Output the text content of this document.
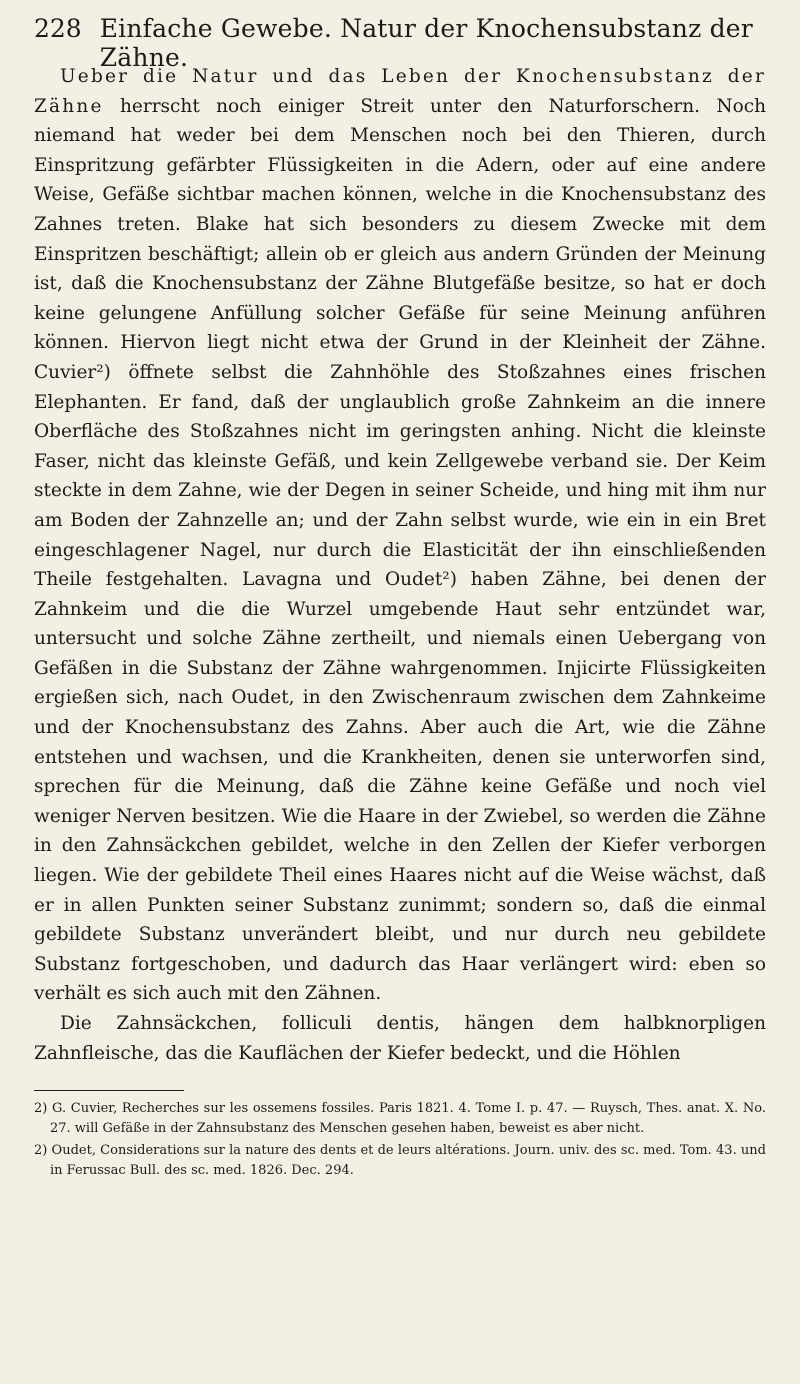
228 Einfache Gewebe. Natur der Knochensubstanz der Zähne.

Ueber die Natur und das Leben der Knochensubstanz der Zähne herrscht noch einiger Streit unter den Naturforschern. Noch niemand hat weder bei dem Menschen noch bei den Thieren, durch Einspritzung gefärbter Flüssigkeiten in die Adern, oder auf eine andere Weise, Gefäße sichtbar machen können, welche in die Knochensubstanz des Zahnes treten. Blake hat sich besonders zu diesem Zwecke mit dem Einspritzen beschäftigt; allein ob er gleich aus andern Gründen der Meinung ist, daß die Knochensubstanz der Zähne Blutgefäße besitze, so hat er doch keine gelungene Anfüllung solcher Gefäße für seine Meinung anführen können. Hiervon liegt nicht etwa der Grund in der Kleinheit der Zähne. Cuvier²) öffnete selbst die Zahnhöhle des Stoßzahnes eines frischen Elephanten. Er fand, daß der unglaublich große Zahnkeim an die innere Oberfläche des Stoßzahnes nicht im geringsten anhing. Nicht die kleinste Faser, nicht das kleinste Gefäß, und kein Zellgewebe verband sie. Der Keim steckte in dem Zahne, wie der Degen in seiner Scheide, und hing mit ihm nur am Boden der Zahnzelle an; und der Zahn selbst wurde, wie ein in ein Bret eingeschlagener Nagel, nur durch die Elasticität der ihn einschließenden Theile festgehalten. Lavagna und Oudet²) haben Zähne, bei denen der Zahnkeim und die die Wurzel umgebende Haut sehr entzündet war, untersucht und solche Zähne zertheilt, und niemals einen Uebergang von Gefäßen in die Substanz der Zähne wahrgenommen. Injicirte Flüssigkeiten ergießen sich, nach Oudet, in den Zwischenraum zwischen dem Zahnkeime und der Knochensubstanz des Zahns. Aber auch die Art, wie die Zähne entstehen und wachsen, und die Krankheiten, denen sie unterworfen sind, sprechen für die Meinung, daß die Zähne keine Gefäße und noch viel weniger Nerven besitzen. Wie die Haare in der Zwiebel, so werden die Zähne in den Zahnsäckchen gebildet, welche in den Zellen der Kiefer verborgen liegen. Wie der gebildete Theil eines Haares nicht auf die Weise wächst, daß er in allen Punkten seiner Substanz zunimmt; sondern so, daß die einmal gebildete Substanz unverändert bleibt, und nur durch neu gebildete Substanz fortgeschoben, und dadurch das Haar verlängert wird: eben so verhält es sich auch mit den Zähnen.

Die Zahnsäckchen, folliculi dentis, hängen dem halbknorpligen Zahnfleische, das die Kauflächen der Kiefer bedeckt, und die Höhlen

2) G. Cuvier, Recherches sur les ossemens fossiles. Paris 1821. 4. Tome I. p. 47. — Ruysch, Thes. anat. X. No. 27. will Gefäße in der Zahnsubstanz des Menschen gesehen haben, beweist es aber nicht.

2) Oudet, Considerations sur la nature des dents et de leurs altérations. Journ. univ. des sc. med. Tom. 43. und in Ferussac Bull. des sc. med. 1826. Dec. 294.
